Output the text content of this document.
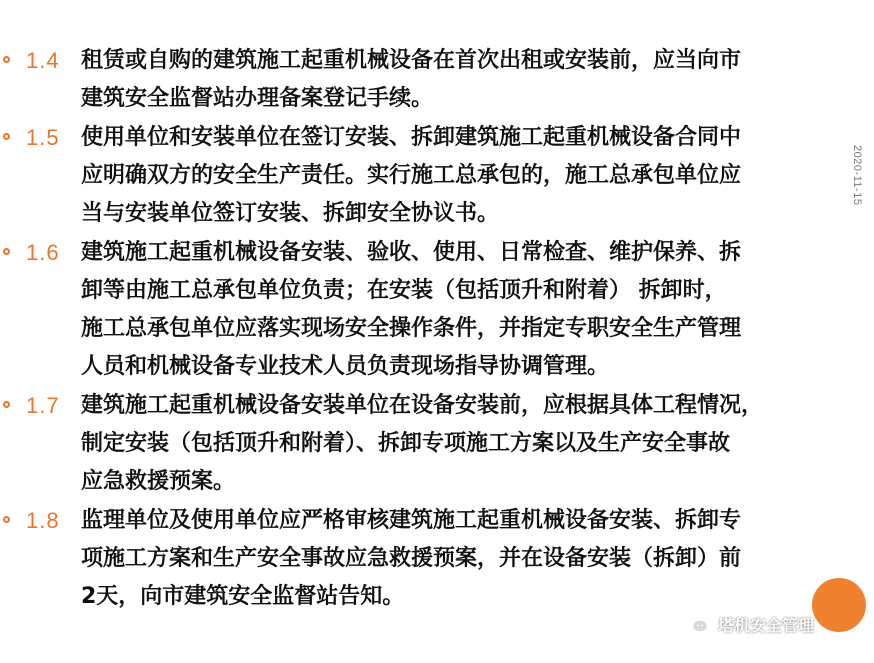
1.4 租赁或自购的建筑施工起重机械设备在首次出租或安装前，应当向市
建筑安全监督站办理备案登记手续。
1.5 使用单位和安装单位在签订安装、拆卸建筑施工起重机械设备合同中
应明确双方的安全生产责任。实行施工总承包的，施工总承包单位应
当与安装单位签订安装、拆卸安全协议书。
1.6 建筑施工起重机械设备安装、验收、使用、日常检查、维护保养、拆
卸等由施工总承包单位负责；在安装（包括顶升和附着） 拆卸时，
施工总承包单位应落实现场安全操作条件，并指定专职安全生产管理
人员和机械设备专业技术人员负责现场指导协调管理。
1.7 建筑施工起重机械设备安装单位在设备安装前，应根据具体工程情况，
制定安装（包括顶升和附着）、拆卸专项施工方案以及生产安全事故
应急救援预案。
1.8 监理单位及使用单位应严格审核建筑施工起重机械设备安装、拆卸专
项施工方案和生产安全事故应急救援预案，并在设备安装（拆卸）前
2天，向市建筑安全监督站告知。
2020-11-15
塔机安全管理
